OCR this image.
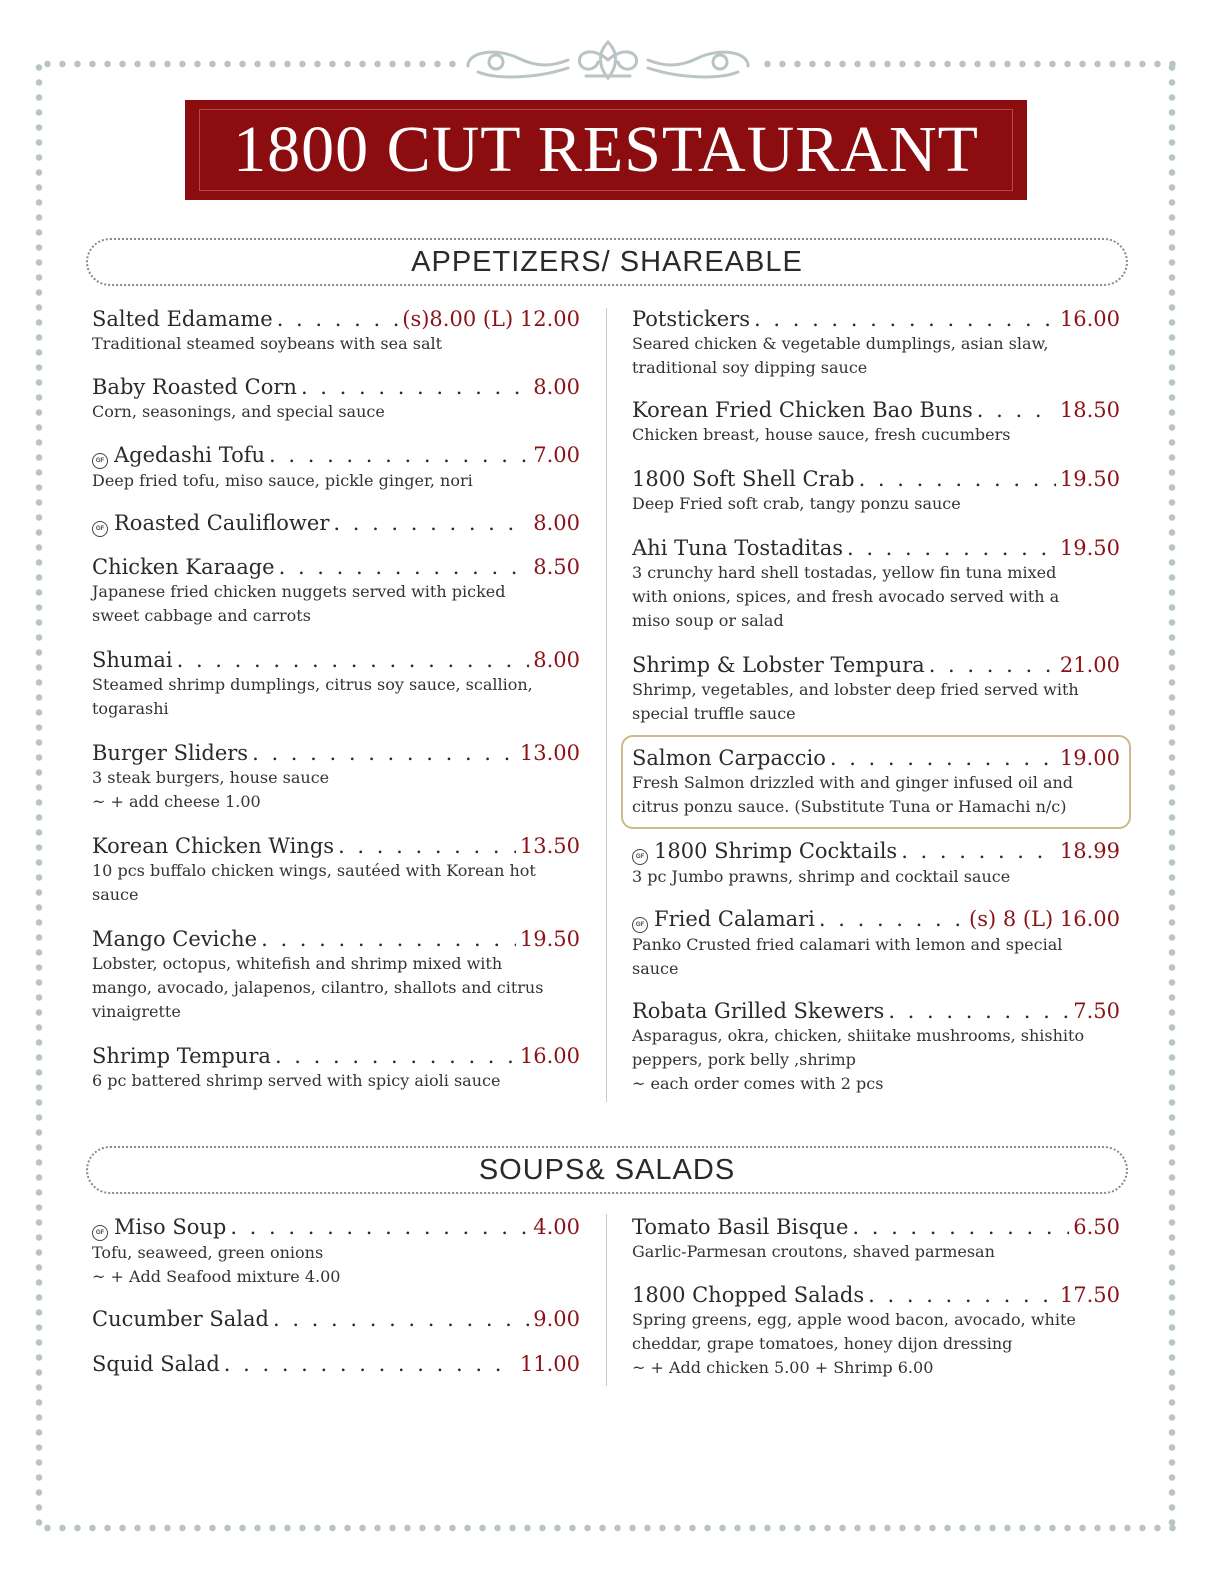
1800 CUT RESTAURANT
APPETIZERS/ SHAREABLE
SOUPS& SALADS
Salted Edamame . . .	(s)8.00 (L) 12.00
Traditional steamed soybeans with sea salt
Baby Roasted Corn . . .	8.00
Corn, seasonings, and special sauce
GF Agedashi Tofu . . .	7.00
Deep fried tofu, miso sauce, pickle ginger, nori
GF Roasted Cauliflower . . .	8.00
Chicken Karaage . . .	8.50
Japanese fried chicken nuggets served with picked
sweet cabbage and carrots
Shumai . . .	8.00
Steamed shrimp dumplings, citrus soy sauce, scallion,
togarashi
Burger Sliders . . .	13.00
3 steak burgers, house sauce
~ + add cheese 1.00
Korean Chicken Wings . . .	13.50
10 pcs buffalo chicken wings, sautéed with Korean hot
sauce
Mango Ceviche . . .	19.50
Lobster, octopus, whitefish and shrimp mixed with
mango, avocado, jalapenos, cilantro, shallots and citrus
vinaigrette
Shrimp Tempura . . .	16.00
6 pc battered shrimp served with spicy aioli sauce
Potstickers . . .	16.00
Seared chicken & vegetable dumplings, asian slaw,
traditional soy dipping sauce
Korean Fried Chicken Bao Buns . . .	18.50
Chicken breast, house sauce, fresh cucumbers
1800 Soft Shell Crab . . .	19.50
Deep Fried soft crab, tangy ponzu sauce
Ahi Tuna Tostaditas . . .	19.50
3 crunchy hard shell tostadas, yellow fin tuna mixed
with onions, spices, and fresh avocado served with a
miso soup or salad
Shrimp & Lobster Tempura . . .	21.00
Shrimp, vegetables, and lobster deep fried served with
special truffle sauce
Salmon Carpaccio . . .	19.00
Fresh Salmon drizzled with and ginger infused oil and
citrus ponzu sauce. (Substitute Tuna or Hamachi n/c)
GF 1800 Shrimp Cocktails . . .	18.99
3 pc Jumbo prawns, shrimp and cocktail sauce
GF Fried Calamari . . .	(s) 8 (L) 16.00
Panko Crusted fried calamari with lemon and special
sauce
Robata Grilled Skewers . . .	7.50
Asparagus, okra, chicken, shiitake mushrooms, shishito
peppers, pork belly ,shrimp
~ each order comes with 2 pcs
GF Miso Soup . . .	4.00
Tofu, seaweed, green onions
~ + Add Seafood mixture 4.00
Cucumber Salad . . .	9.00
Squid Salad . . .	11.00
Tomato Basil Bisque . . .	6.50
Garlic-Parmesan croutons, shaved parmesan
1800 Chopped Salads . . .	17.50
Spring greens, egg, apple wood bacon, avocado, white
cheddar, grape tomatoes, honey dijon dressing
~ + Add chicken 5.00 + Shrimp 6.00
